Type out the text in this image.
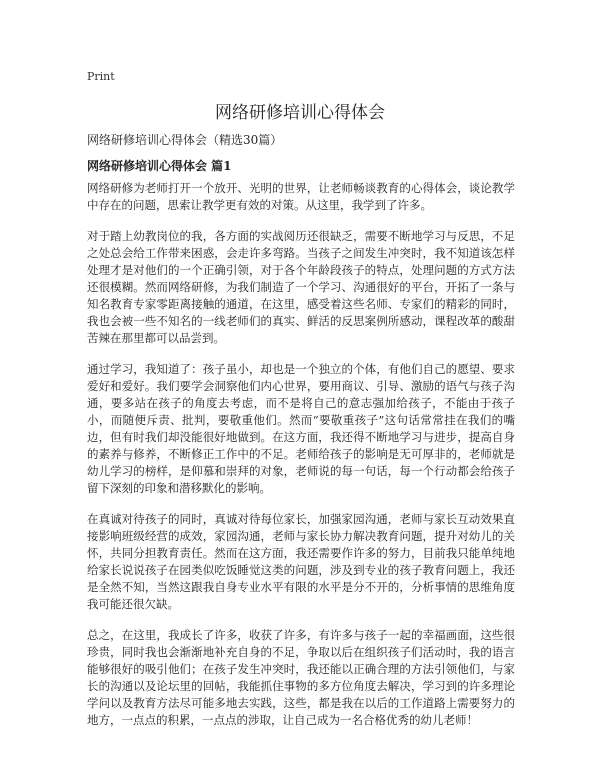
Print
网络研修培训心得体会
网络研修培训心得体会（精选30篇）
网络研修培训心得体会 篇1

网络研修为老师打开一个放开、光明的世界，让老师畅谈教育的心得体会，谈论教学中存在的问题，思索让教学更有效的对策。从这里，我学到了许多。

对于踏上幼教岗位的我，各方面的实战阅历还很缺乏，需要不断地学习与反思，不足之处总会给工作带来困惑，会走许多弯路。当孩子之间发生冲突时，我不知道该怎样处理才是对他们的一个正确引领，对于各个年龄段孩子的特点，处理问题的方式方法还很模糊。然而网络研修，为我们制造了一个学习、沟通很好的平台，开拓了一条与知名教育专家零距离接触的通道，在这里，感受着这些名师、专家们的精彩的同时，我也会被一些不知名的一线老师们的真实、鲜活的反思案例所感动，课程改革的酸甜苦辣在那里都可以品尝到。

通过学习，我知道了：孩子虽小，却也是一个独立的个体，有他们自己的愿望、要求爱好和爱好。我们要学会洞察他们内心世界，要用商议、引导、激励的语气与孩子沟通，要多站在孩子的角度去考虑，而不是将自己的意志强加给孩子，不能由于孩子小，而随便斥责、批判，要敬重他们。然而“要敬重孩子”这句话常常挂在我们的嘴边，但有时我们却没能很好地做到。在这方面，我还得不断地学习与进步，提高自身的素养与修养，不断修正工作中的不足。老师给孩子的影响是无可厚非的，老师就是幼儿学习的榜样，是仰慕和崇拜的对象，老师说的每一句话，每一个行动都会给孩子留下深刻的印象和潜移默化的影响。

在真诚对待孩子的同时，真诚对待每位家长，加强家园沟通，老师与家长互动效果直接影响班级经营的成效，家园沟通，老师与家长协力解决教育问题，提升对幼儿的关怀，共同分担教育责任。然而在这方面，我还需要作许多的努力，目前我只能单纯地给家长说说孩子在园类似吃饭睡觉这类的问题，涉及到专业的孩子教育问题上，我还是全然不知，当然这跟我自身专业水平有限的水平是分不开的，分析事情的思维角度我可能还很欠缺。

总之，在这里，我成长了许多，收获了许多，有许多与孩子一起的幸福画面，这些很珍贵，同时我也会渐渐地补充自身的不足，争取以后在组织孩子们活动时，我的语言能够很好的吸引他们；在孩子发生冲突时，我还能以正确合理的方法引领他们，与家长的沟通以及论坛里的回帖，我能抓住事物的多方位角度去解决，学习到的许多理论学问以及教育方法尽可能多地去实践，这些，都是我在以后的工作道路上需要努力的地方，一点点的积累，一点点的涉取，让自己成为一名合格优秀的幼儿老师！
